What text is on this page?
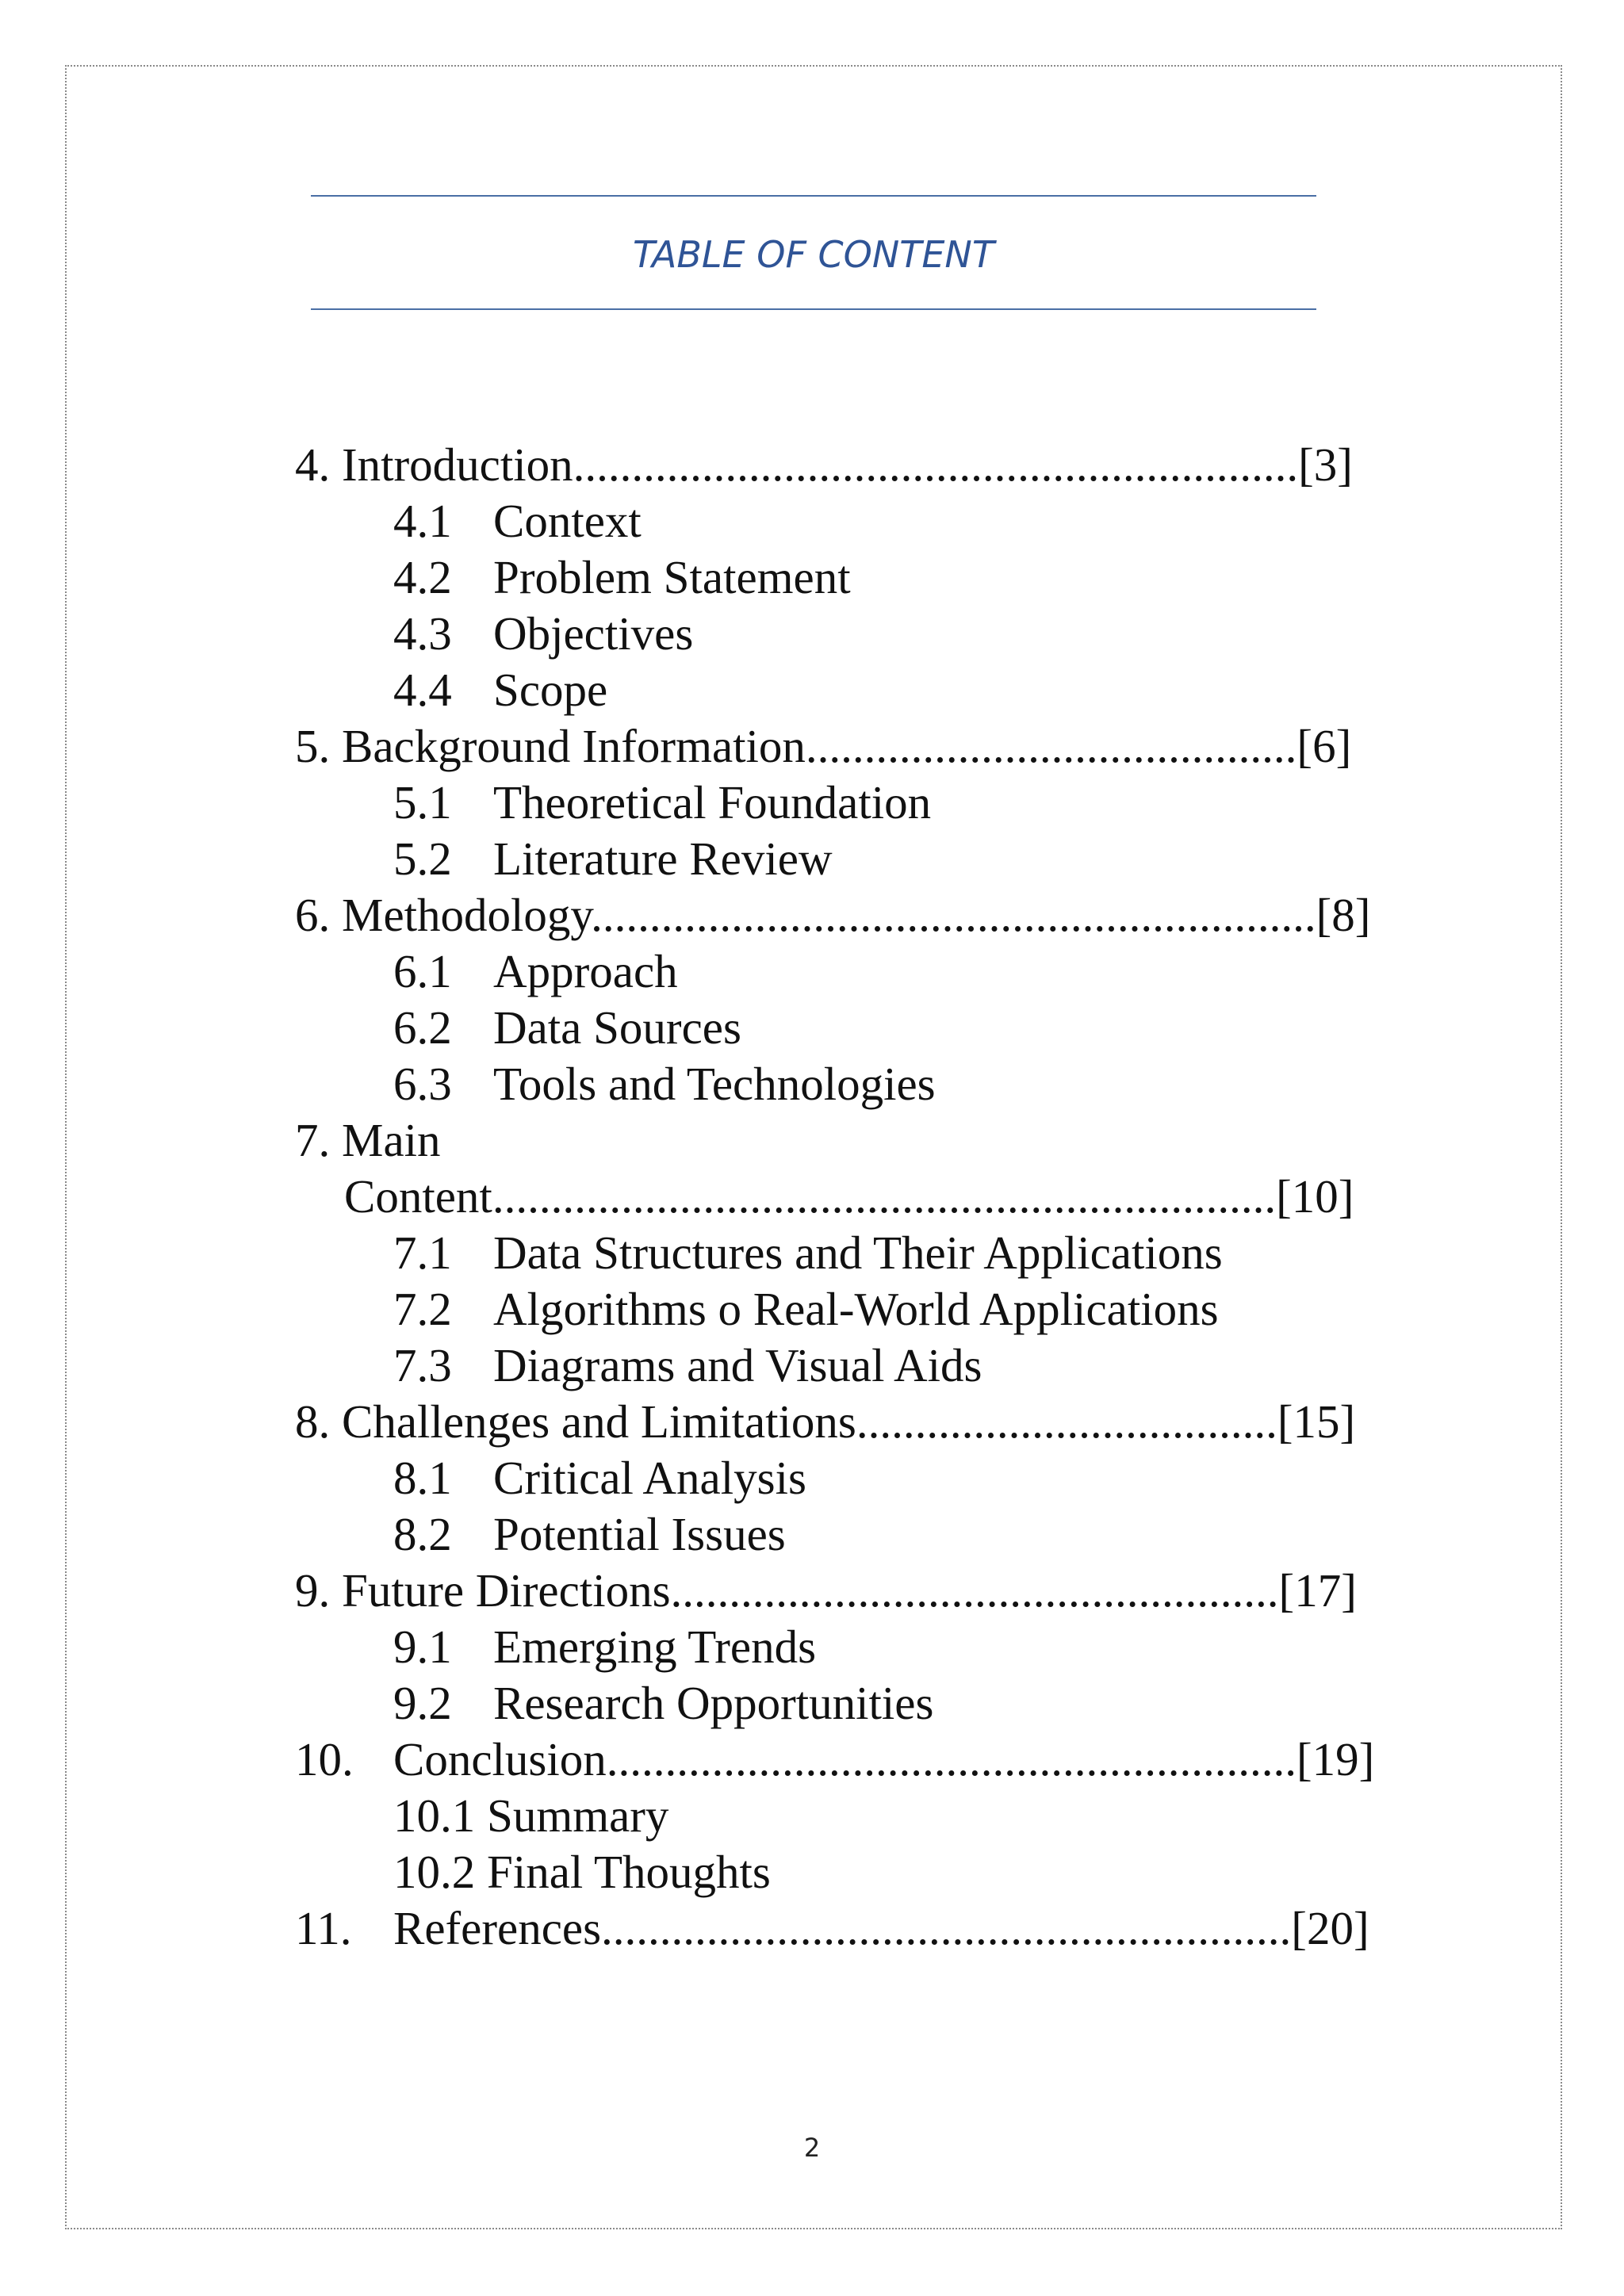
TABLE OF CONTENT
4. Introduction..............................................................[3]
4.1 Context
4.2 Problem Statement
4.3 Objectives
4.4 Scope
5. Background Information..........................................[6]
5.1 Theoretical Foundation
5.2 Literature Review
6. Methodology..............................................................[8]
6.1 Approach
6.2 Data Sources
6.3 Tools and Technologies
7. Main
Content...................................................................[10]
7.1 Data Structures and Their Applications
7.2 Algorithms o Real-World Applications
7.3 Diagrams and Visual Aids
8. Challenges and Limitations....................................[15]
8.1 Critical Analysis
8.2 Potential Issues
9. Future Directions....................................................[17]
9.1 Emerging Trends
9.2 Research Opportunities
10. Conclusion...........................................................[19]
10.1 Summary
10.2 Final Thoughts
11. References...........................................................[20]
2
